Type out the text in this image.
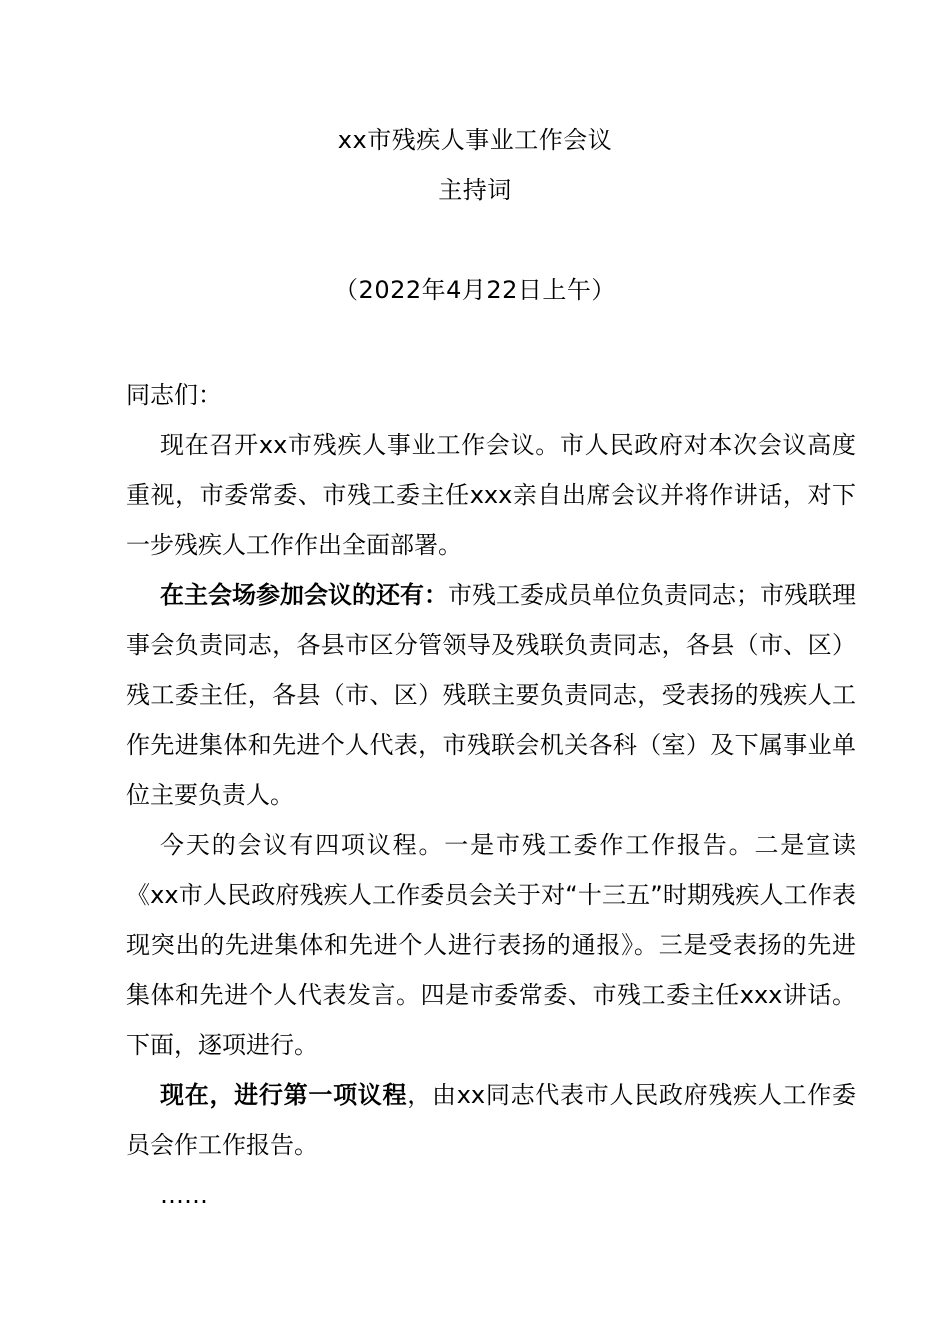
xx市残疾人事业工作会议
主持词
（2022年4月22日上午）

同志们：

现在召开xx市残疾人事业工作会议。市人民政府对本次会议高度重视，市委常委、市残工委主任xxx亲自出席会议并将作讲话，对下一步残疾人工作作出全面部署。

在主会场参加会议的还有：市残工委成员单位负责同志；市残联理事会负责同志，各县市区分管领导及残联负责同志，各县（市、区）残工委主任，各县（市、区）残联主要负责同志，受表扬的残疾人工作先进集体和先进个人代表，市残联会机关各科（室）及下属事业单位主要负责人。

今天的会议有四项议程。一是市残工委作工作报告。二是宣读《xx市人民政府残疾人工作委员会关于对“十三五”时期残疾人工作表现突出的先进集体和先进个人进行表扬的通报》。三是受表扬的先进集体和先进个人代表发言。四是市委常委、市残工委主任xxx讲话。下面，逐项进行。

现在，进行第一项议程，由xx同志代表市人民政府残疾人工作委员会作工作报告。

……
